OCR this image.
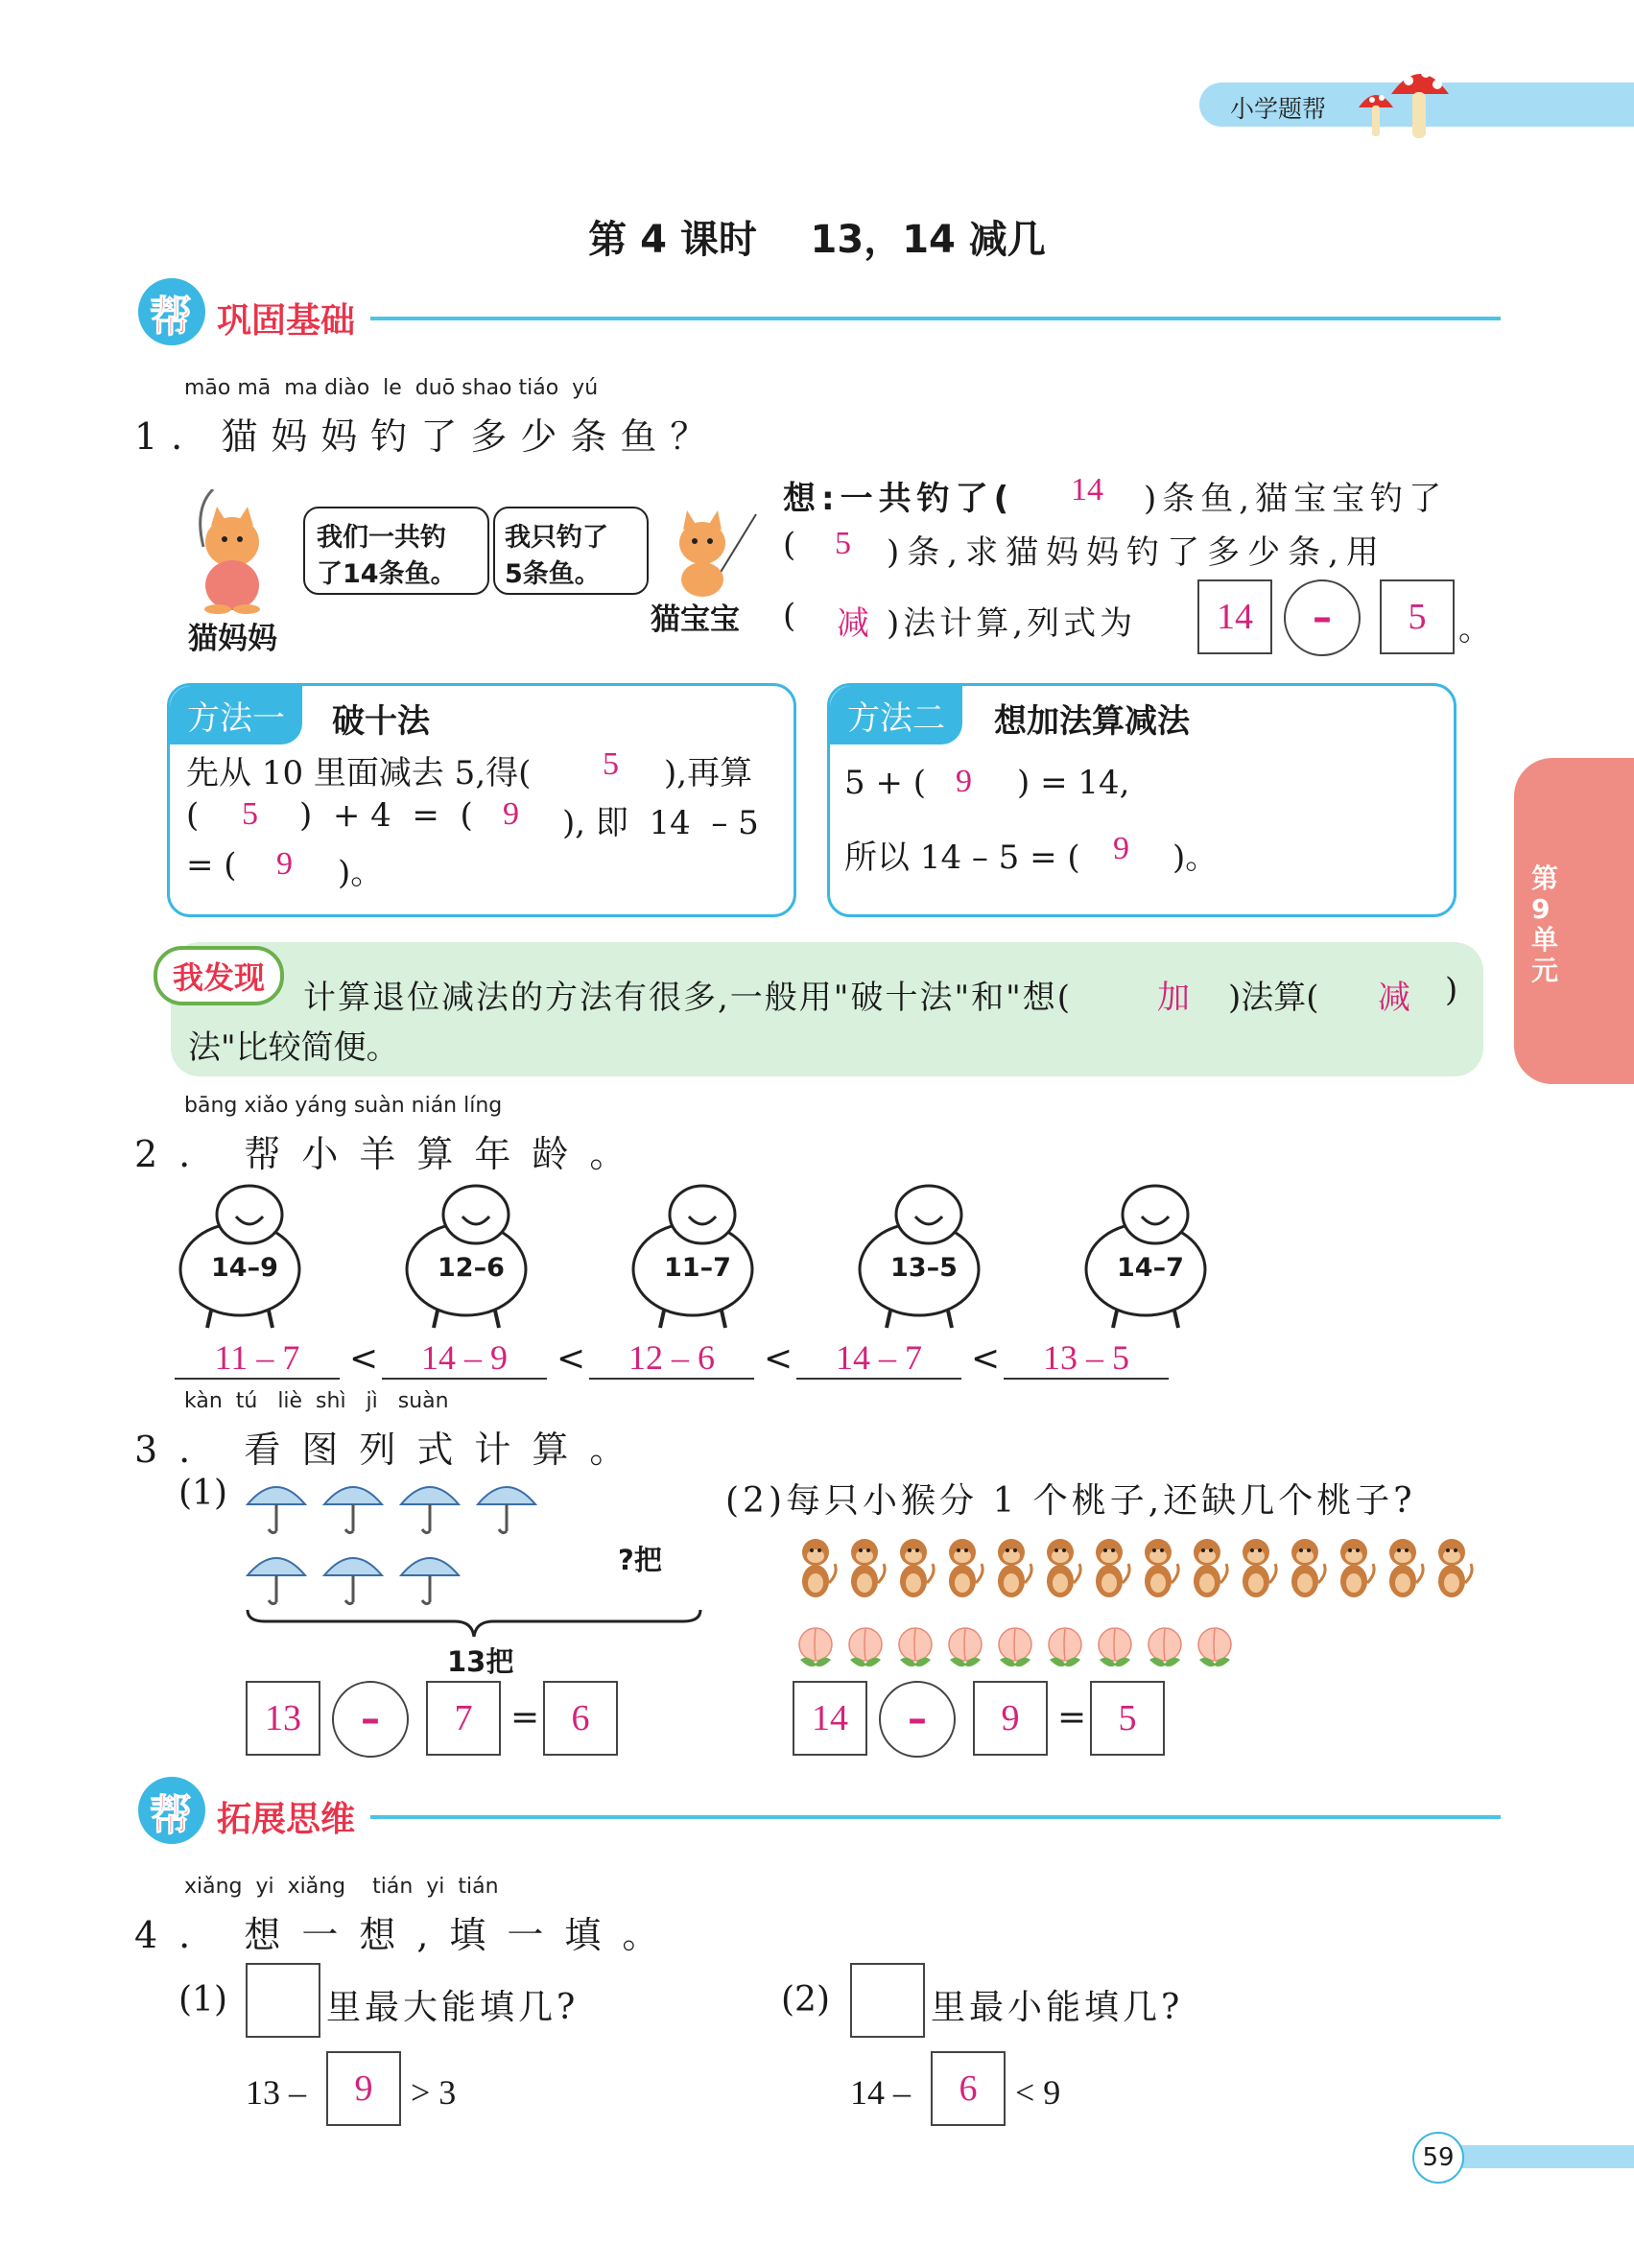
小学题帮
第 4 课时    13，14 减几
帮 巩固基础
第9单元
māo mā  ma diào  le  duō shao tiáo  yú
1. 猫妈妈钓了多少条鱼？
猫妈妈
我们一共钓
了14条鱼。
我只钓了
5条鱼。
猫宝宝
想:一共钓了( 14 )条鱼,猫宝宝钓了
( 5 )条,求猫妈妈钓了多少条,用
( 减 )法计算,列式为	14	–	5 。
方法一	破十法
先从 10 里面减去 5,得( 5 ),再算
( 5 )  + 4  =  ( 9 ), 即  14  – 5
= ( 9 )。
方法二	想加法算减法
5 + ( 9 ) = 14,
所以 14 – 5 = ( 9 )。
我发现
计算退位减法的方法有很多,一般用"破十法"和"想(	加 )法算( 减 )
法"比较简便。
bāng xiǎo yáng suàn nián líng
2. 帮小羊算年龄。
14–9	12–6	11–7	13–5	14–7
11 – 7	<	14 – 9	<	12 – 6	<	14 – 7	<	13 – 5
kàn  tú   liè  shì   jì   suàn
3. 看图列式计算。
(1)
?把
13把
13	–	7	= 6
(2)每只小猴分 1 个桃子,还缺几个桃子?
14	–	9	= 5
帮 拓展思维
xiǎng  yi  xiǎng    tián  yi  tián
4. 想一想,填一填。
(1)	里最大能填几?
13 –	9	> 3
(2)	里最小能填几?
14 –	6	< 9
59
